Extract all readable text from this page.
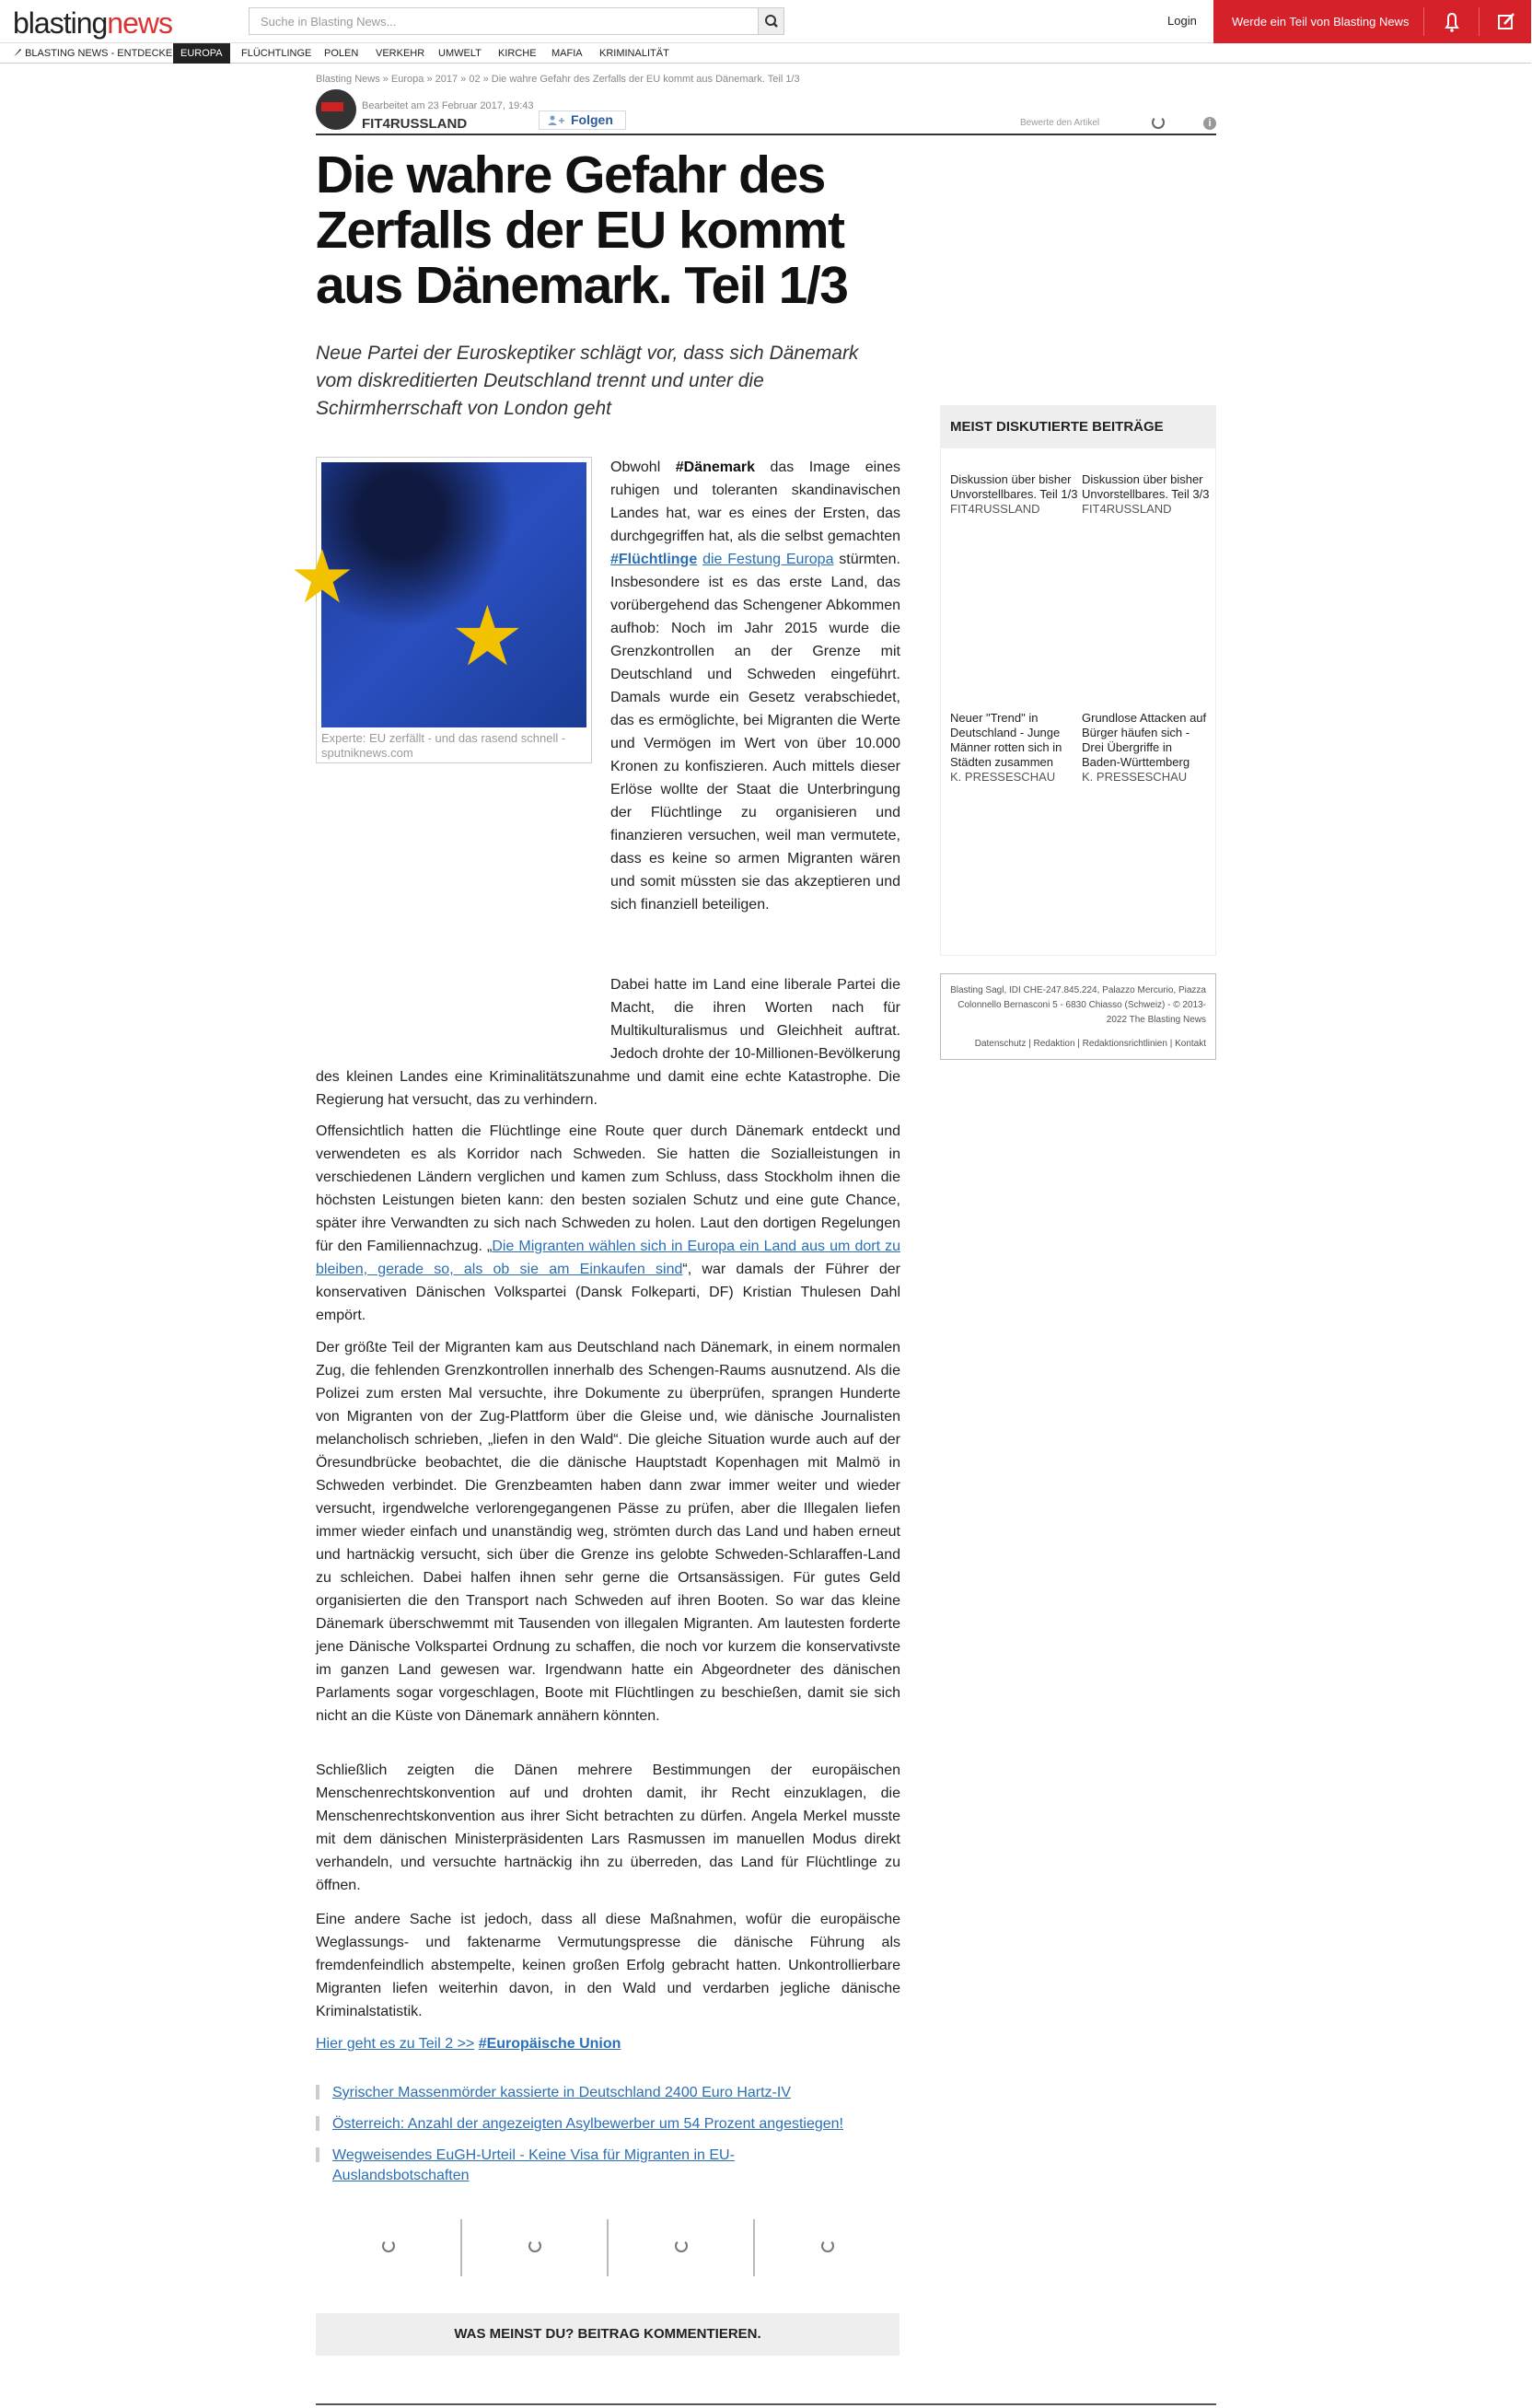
blastingnews	Suche in Blasting News...	Login	Werde ein Teil von Blasting News
BLASTING NEWS - ENTDECKE EUROPA	FLÜCHTLINGE POLEN VERKEHR UMWELT KIRCHE MAFIA KRIMINALITÄT
Blasting News » Europa » 2017 » 02 » Die wahre Gefahr des Zerfalls der EU kommt aus Dänemark. Teil 1/3
Bearbeitet am 23 Februar 2017, 19:43
FIT4RUSSLAND	Folgen	Bewerte den Artikel	i
Die wahre Gefahr des Zerfalls der EU kommt aus Dänemark. Teil 1/3

Neue Partei der Euroskeptiker schlägt vor, dass sich Dänemark vom diskreditierten Deutschland trennt und unter die Schirmherrschaft von London geht

★
★
Experte: EU zerfällt - und das rasend schnell - sputniknews.com
Obwohl #Dänemark das Image eines ruhigen und toleranten skandinavischen Landes hat, war es eines der Ersten, das durchgegriffen hat, als die selbst gemachten #Flüchtlinge die Festung Europa stürmten. Insbesondere ist es das erste Land, das vorübergehend das Schengener Abkommen aufhob: Noch im Jahr 2015 wurde die Grenzkontrollen an der Grenze mit Deutschland und Schweden eingeführt. Damals wurde ein Gesetz verabschiedet, das es ermöglichte, bei Migranten die Werte und Vermögen im Wert von über 10.000 Kronen zu konfiszieren. Auch mittels dieser Erlöse wollte der Staat die Unterbringung der Flüchtlinge zu organisieren und finanzieren versuchen, weil man vermutete, dass es keine so armen Migranten wären und somit müssten sie das akzeptieren und sich finanziell beteiligen.
Dabei hatte im Land eine liberale Partei die Macht, die ihren Worten nach für Multikulturalismus und Gleichheit auftrat. Jedoch drohte der 10-Millionen-Bevölkerung des kleinen Landes eine Kriminalitätszunahme und damit eine echte Katastrophe. Die Regierung hat versucht, das zu verhindern.
Offensichtlich hatten die Flüchtlinge eine Route quer durch Dänemark entdeckt und verwendeten es als Korridor nach Schweden. Sie hatten die Sozialleistungen in verschiedenen Ländern verglichen und kamen zum Schluss, dass Stockholm ihnen die höchsten Leistungen bieten kann: den besten sozialen Schutz und eine gute Chance, später ihre Verwandten zu sich nach Schweden zu holen. Laut den dortigen Regelungen für den Familiennachzug. „Die Migranten wählen sich in Europa ein Land aus um dort zu bleiben, gerade so, als ob sie am Einkaufen sind“, war damals der Führer der konservativen Dänischen Volkspartei (Dansk Folkeparti, DF) Kristian Thulesen Dahl empört.
Der größte Teil der Migranten kam aus Deutschland nach Dänemark, in einem normalen Zug, die fehlenden Grenzkontrollen innerhalb des Schengen-Raums ausnutzend. Als die Polizei zum ersten Mal versuchte, ihre Dokumente zu überprüfen, sprangen Hunderte von Migranten von der Zug-Plattform über die Gleise und, wie dänische Journalisten melancholisch schrieben, „liefen in den Wald“. Die gleiche Situation wurde auch auf der Öresundbrücke beobachtet, die die dänische Hauptstadt Kopenhagen mit Malmö in Schweden verbindet. Die Grenzbeamten haben dann zwar immer weiter und wieder versucht, irgendwelche verlorengegangenen Pässe zu prüfen, aber die Illegalen liefen immer wieder einfach und unanständig weg, strömten durch das Land und haben erneut und hartnäckig versucht, sich über die Grenze ins gelobte Schweden-Schlaraffen-Land zu schleichen. Dabei halfen ihnen sehr gerne die Ortsansässigen. Für gutes Geld organisierten die den Transport nach Schweden auf ihren Booten. So war das kleine Dänemark überschwemmt mit Tausenden von illegalen Migranten. Am lautesten forderte jene Dänische Volkspartei Ordnung zu schaffen, die noch vor kurzem die konservativste im ganzen Land gewesen war. Irgendwann hatte ein Abgeordneter des dänischen Parlaments sogar vorgeschlagen, Boote mit Flüchtlingen zu beschießen, damit sie sich nicht an die Küste von Dänemark annähern könnten.
Schließlich zeigten die Dänen mehrere Bestimmungen der europäischen Menschenrechtskonvention auf und drohten damit, ihr Recht einzuklagen, die Menschenrechtskonvention aus ihrer Sicht betrachten zu dürfen. Angela Merkel musste mit dem dänischen Ministerpräsidenten Lars Rasmussen im manuellen Modus direkt verhandeln, und versuchte hartnäckig ihn zu überreden, das Land für Flüchtlinge zu öffnen.
Eine andere Sache ist jedoch, dass all diese Maßnahmen, wofür die europäische Weglassungs- und faktenarme Vermutungspresse die dänische Führung als fremdenfeindlich abstempelte, keinen großen Erfolg gebracht hatten. Unkontrollierbare Migranten liefen weiterhin davon, in den Wald und verdarben jegliche dänische Kriminalstatistik.
Hier geht es zu Teil 2 >> #Europäische Union
Syrischer Massenmörder kassierte in Deutschland 2400 Euro Hartz-IV
Österreich: Anzahl der angezeigten Asylbewerber um 54 Prozent angestiegen!
Wegweisendes EuGH-Urteil - Keine Visa für Migranten in EU-Auslandsbotschaften
WAS MEINST DU? BEITRAG KOMMENTIEREN.
MEIST DISKUTIERTE BEITRÄGE
Diskussion über bisher Unvorstellbares. Teil 1/3
FIT4RUSSLAND
Diskussion über bisher Unvorstellbares. Teil 3/3
FIT4RUSSLAND
Neuer "Trend" in Deutschland - Junge Männer rotten sich in Städten zusammen
K. PRESSESCHAU
Grundlose Attacken auf Bürger häufen sich - Drei Übergriffe in Baden-Württemberg
K. PRESSESCHAU
Blasting Sagl, IDI CHE-247.845.224, Palazzo Mercurio, Piazza Colonnello Bernasconi 5 - 6830 Chiasso (Schweiz) - © 2013-2022 The Blasting News
Datenschutz | Redaktion | Redaktionsrichtlinien | Kontakt
